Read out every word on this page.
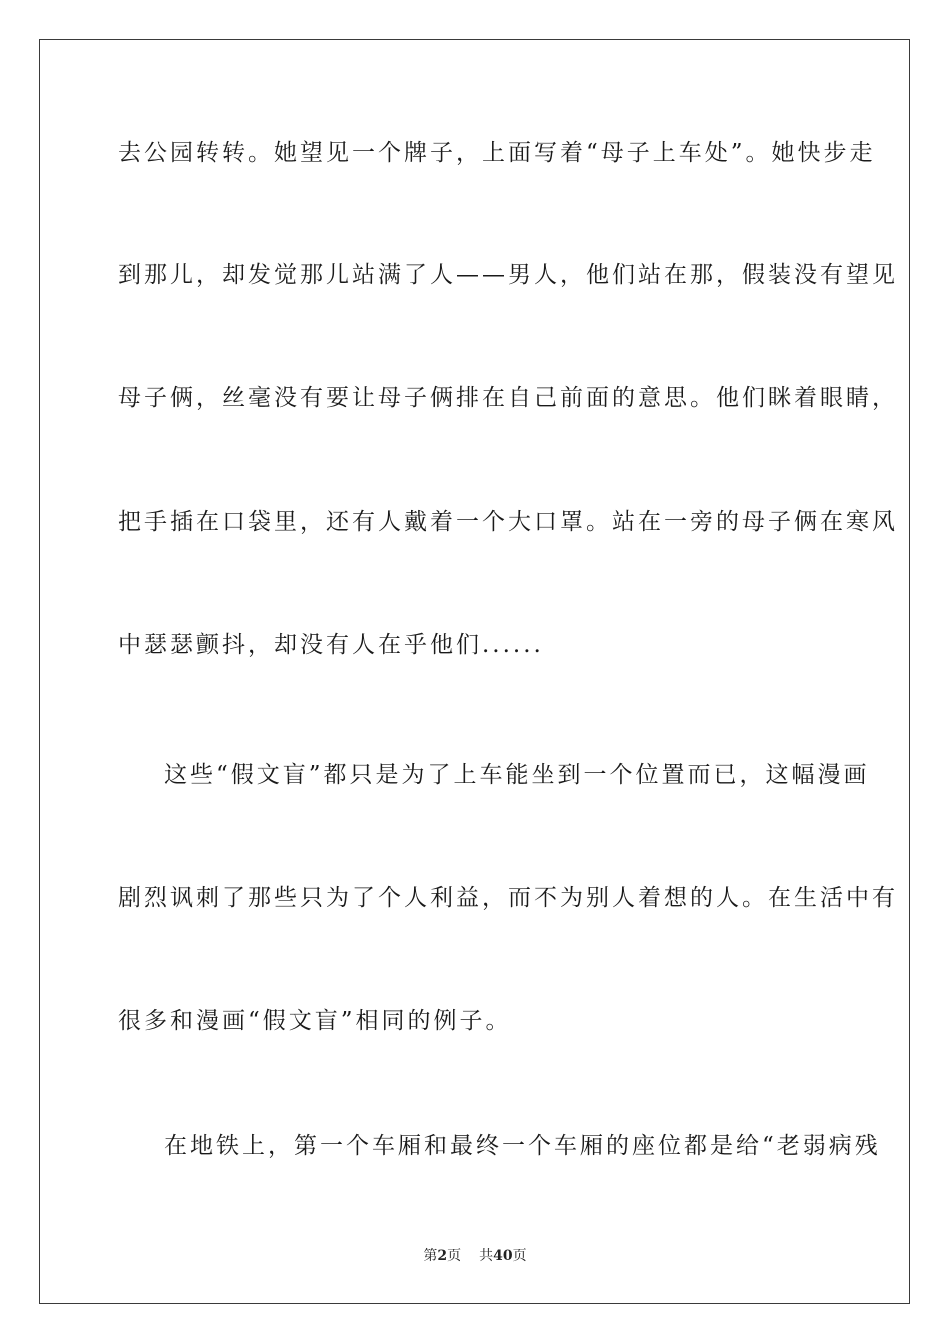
去公园转转。她望见一个牌子，上面写着“母子上车处”。她快步走
到那儿，却发觉那儿站满了人——男人，他们站在那，假装没有望见
母子俩，丝毫没有要让母子俩排在自己前面的意思。他们眯着眼睛，
把手插在口袋里，还有人戴着一个大口罩。站在一旁的母子俩在寒风
中瑟瑟颤抖，却没有人在乎他们......
这些“假文盲”都只是为了上车能坐到一个位置而已，这幅漫画
剧烈讽刺了那些只为了个人利益，而不为别人着想的人。在生活中有
很多和漫画“假文盲”相同的例子。
在地铁上，第一个车厢和最终一个车厢的座位都是给“老弱病残
第2页 共40页
